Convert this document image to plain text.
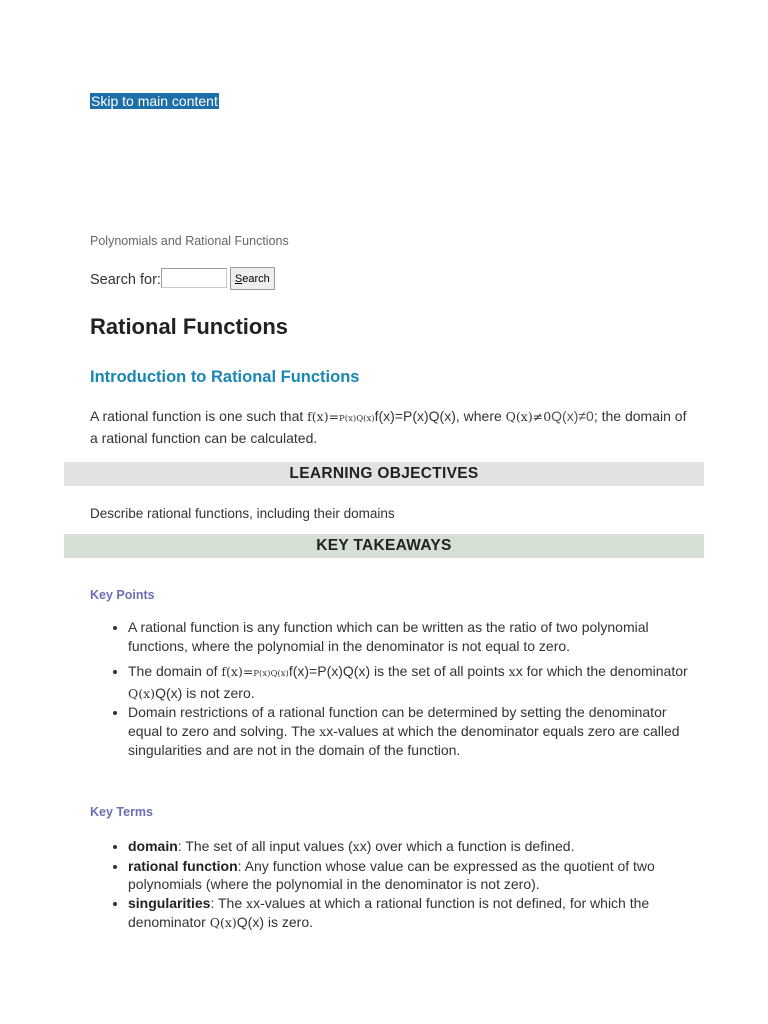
Skip to main content
Polynomials and Rational Functions
Search for:	Search
Rational Functions
Introduction to Rational Functions
A rational function is one such that f(x)=P(x)Q(x)f(x)=P(x)Q(x), where Q(x)≠0Q(x)≠0; the domain of a rational function can be calculated.
LEARNING OBJECTIVES
Describe rational functions, including their domains
KEY TAKEAWAYS
Key Points
• A rational function is any function which can be written as the ratio of two polynomial functions, where the polynomial in the denominator is not equal to zero.
• The domain of f(x)=P(x)Q(x)f(x)=P(x)Q(x) is the set of all points xx for which the denominator Q(x)Q(x) is not zero.
• Domain restrictions of a rational function can be determined by setting the denominator equal to zero and solving. The xx-values at which the denominator equals zero are called singularities and are not in the domain of the function.
Key Terms
• domain: The set of all input values (xx) over which a function is defined.
• rational function: Any function whose value can be expressed as the quotient of two polynomials (where the polynomial in the denominator is not zero).
• singularities: The xx-values at which a rational function is not defined, for which the denominator Q(x)Q(x) is zero.
